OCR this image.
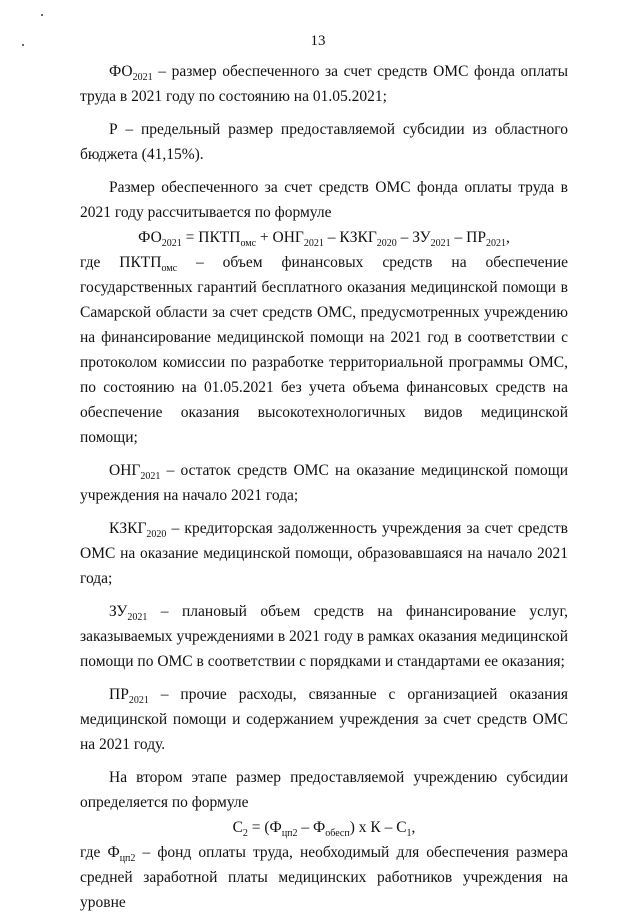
13

$ФО_{2021}$ – размер обеспеченного за счет средств ОМС фонда оплаты труда в 2021 году по состоянию на 01.05.2021;

Р – предельный размер предоставляемой субсидии из областного бюджета (41,15%).

Размер обеспеченного за счет средств ОМС фонда оплаты труда в 2021 году рассчитывается по формуле

$ФО_{2021}$ = $ПКТП_{омс} + ОНГ_{2021}$ – $КЗКГ_{2020} - ЗУ_{2021} - ПР_{2021}$,

где $ПКТП_{омс}$ – объем финансовых средств на обеспечение государственных гарантий бесплатного оказания медицинской помощи в Самарской области за счет средств ОМС, предусмотренных учреждению на финансирование медицинской помощи на 2021 год в соответствии с протоколом комиссии по разработке территориальной программы ОМС, по состоянию на 01.05.2021 без учета объема финансовых средств на обеспечение оказания высокотехнологичных видов медицинской помощи;

$ОНГ_{2021}$ – остаток средств ОМС на оказание медицинской помощи учреждения на начало 2021 года;

$КЗКГ_{2020}$ – кредиторская задолженность учреждения за счет средств ОМС на оказание медицинской помощи, образовавшаяся на начало 2021 года;

$ЗУ_{2021}$ – плановый объем средств на финансирование услуг, заказываемых учреждениями в 2021 году в рамках оказания медицинской помощи по ОМС в соответствии с порядками и стандартами ее оказания;

$ПР_{2021}$ – прочие расходы, связанные с организацией оказания медицинской помощи и содержанием учреждения за счет средств ОМС на 2021 году.

На втором этапе размер предоставляемой учреждению субсидии определяется по формуле

$С_2 = (Ф_{цп2} - Ф_{обесп})$ х К – $С_1$,

где $Ф_{цп2}$ – фонд оплаты труда, необходимый для обеспечения размера средней заработной платы медицинских работников учреждения на уровне
